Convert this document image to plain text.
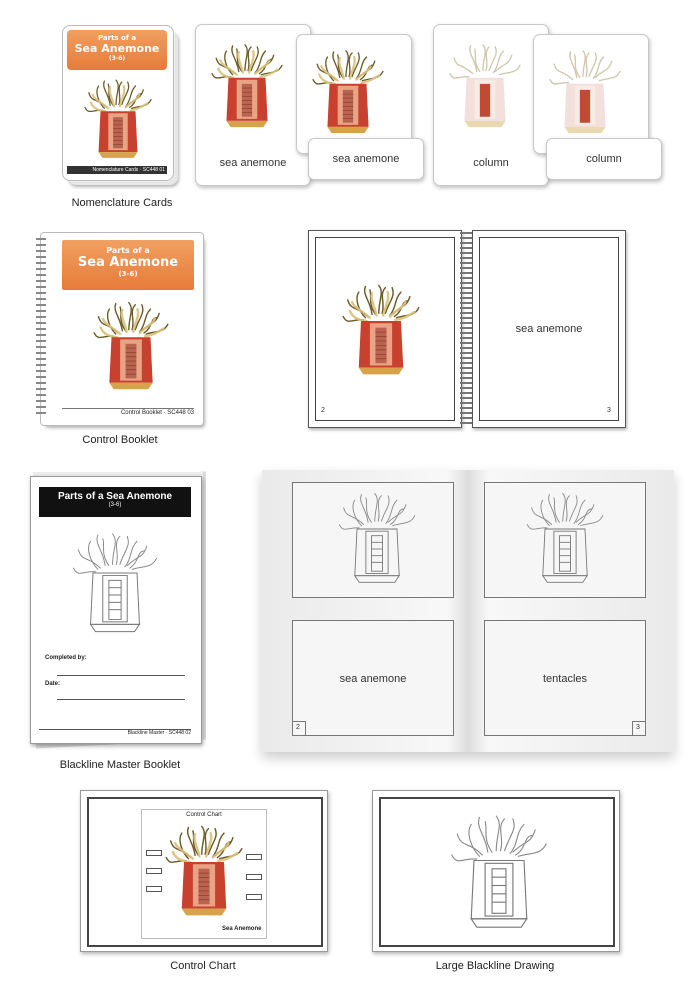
Parts of a
Sea Anemone
(3-6)
Nomenclature Cards · SC448 01
Nomenclature Cards
sea anemone	sea anemone	column	column
Parts of a
Sea Anemone
(3-6)
Control Booklet · SC448 03
Control Booklet
2
sea anemone
3
Parts of a Sea Anemone
(3-6)
Completed by:
Date:
Blackline Master · SC448 02
Blackline Master Booklet
sea anemone
2
tentacles
3
Control Chart
Sea Anemone
Control Chart	Large Blackline Drawing
